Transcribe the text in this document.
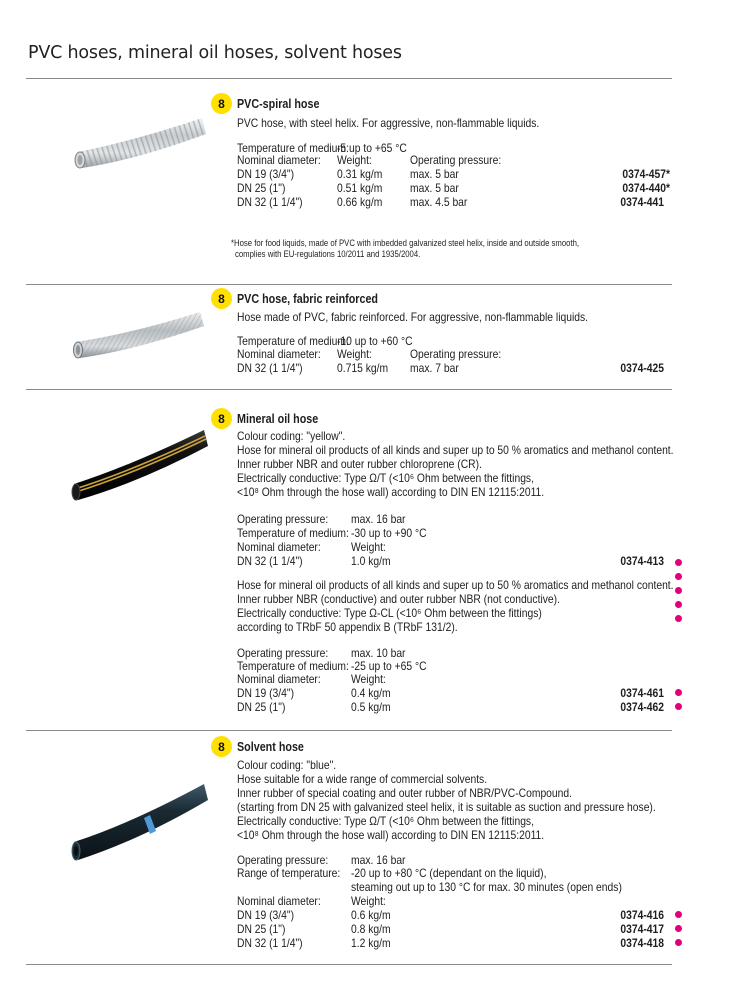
PVC hoses, mineral oil hoses, solvent hoses
8 PVC-spiral hose
PVC hose, with steel helix. For aggressive, non-flammable liquids.
Temperature of medium:
-5 up to +65 °C
Nominal diameter: Weight:	Operating pressure:
DN 19 (3/4")	0.31 kg/m max. 5 bar	0374-457*
DN 25 (1")	0.51 kg/m max. 5 bar	0374-440*
DN 32 (1 1/4")	0.66 kg/m max. 4.5 bar	0374-441
*Hose for food liquids, made of PVC with imbedded galvanized steel helix, inside and outside smooth,
complies with EU-regulations 10/2011 and 1935/2004.
8 PVC hose, fabric reinforced
Hose made of PVC, fabric reinforced. For aggressive, non-flammable liquids.
Temperature of medium:
-10 up to +60 °C
Nominal diameter: Weight:	Operating pressure:
DN 32 (1 1/4")	0.715 kg/m max. 7 bar	0374-425
8 Mineral oil hose
Colour coding: "yellow".
Hose for mineral oil products of all kinds and super up to 50 % aromatics and methanol content.
Inner rubber NBR and outer rubber chloroprene (CR).
Electrically conductive: Type Ω/T (<10⁶ Ohm between the fittings,
<10⁸ Ohm through the hose wall) according to DIN EN 12115:2011.
Operating pressure: max. 16 bar
Temperature of medium: -30 up to +90 °C
Nominal diameter:	Weight:
DN 32 (1 1/4")	1.0 kg/m	0374-413
Hose for mineral oil products of all kinds and super up to 50 % aromatics and methanol content.
Inner rubber NBR (conductive) and outer rubber NBR (not conductive).
Electrically conductive: Type Ω-CL (<10⁶ Ohm between the fittings)
according to TRbF 50 appendix B (TRbF 131/2).
Operating pressure: max. 10 bar
Temperature of medium: -25 up to +65 °C
Nominal diameter:	Weight:
DN 19 (3/4")	0.4 kg/m	0374-461
DN 25 (1")	0.5 kg/m	0374-462
8 Solvent hose
Colour coding: "blue".
Hose suitable for a wide range of commercial solvents.
Inner rubber of special coating and outer rubber of NBR/PVC-Compound.
(starting from DN 25 with galvanized steel helix, it is suitable as suction and pressure hose).
Electrically conductive: Type Ω/T (<10⁶ Ohm between the fittings,
<10⁸ Ohm through the hose wall) according to DIN EN 12115:2011.
Operating pressure: max. 16 bar
Range of temperature: -20 up to +80 °C (dependant on the liquid),
steaming out up to 130 °C for max. 30 minutes (open ends)
Nominal diameter:	Weight:
DN 19 (3/4")	0.6 kg/m	0374-416
DN 25 (1")	0.8 kg/m	0374-417
DN 32 (1 1/4")	1.2 kg/m	0374-418
